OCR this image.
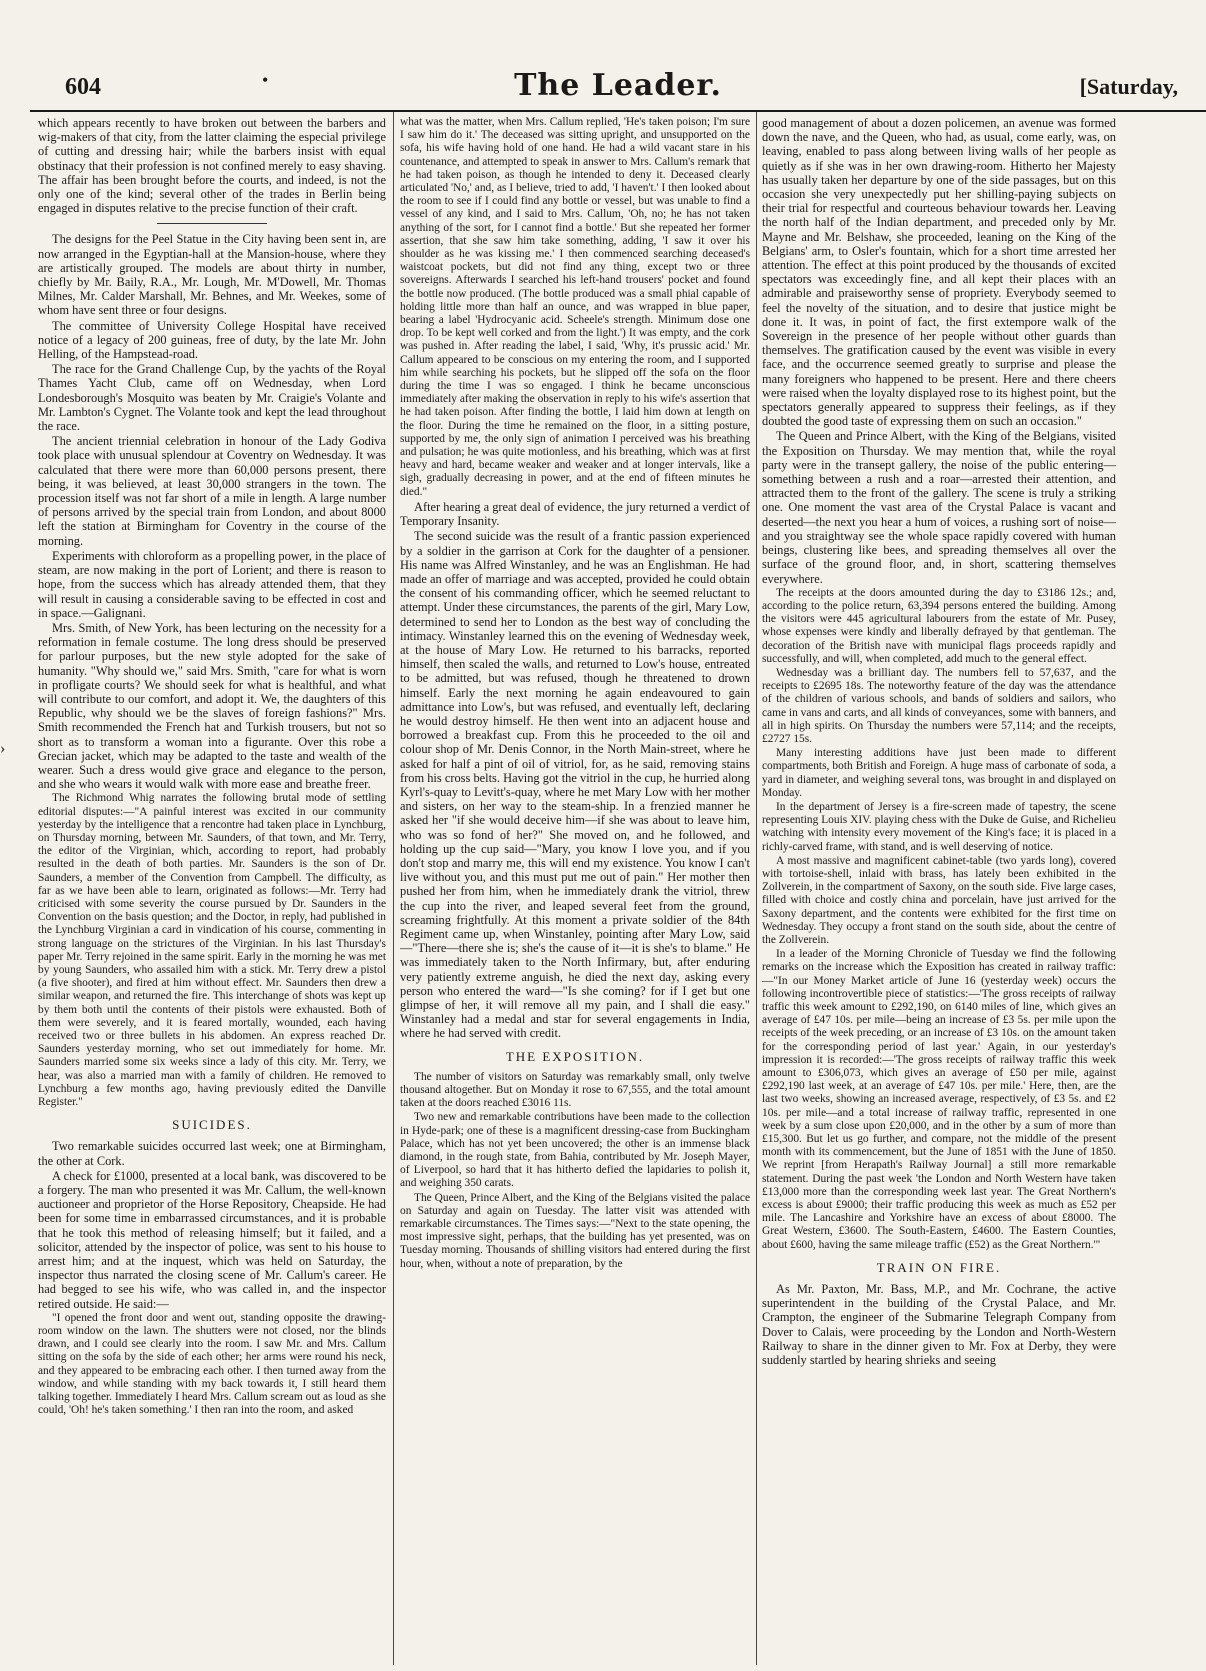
604	•	The Leader.	[Saturday,
›

which appears recently to have broken out between the barbers and wig-makers of that city, from the latter claiming the especial privilege of cutting and dressing hair; while the barbers insist with equal obstinacy that their profession is not confined merely to easy shaving. The affair has been brought before the courts, and indeed, is not the only one of the kind; several other of the trades in Berlin being engaged in disputes relative to the precise function of their craft.

The designs for the Peel Statue in the City having been sent in, are now arranged in the Egyptian-hall at the Mansion-house, where they are artistically grouped. The models are about thirty in number, chiefly by Mr. Baily, R.A., Mr. Lough, Mr. M'Dowell, Mr. Thomas Milnes, Mr. Calder Marshall, Mr. Behnes, and Mr. Weekes, some of whom have sent three or four designs.

The committee of University College Hospital have received notice of a legacy of 200 guineas, free of duty, by the late Mr. John Helling, of the Hampstead-road.

The race for the Grand Challenge Cup, by the yachts of the Royal Thames Yacht Club, came off on Wednesday, when Lord Londesborough's Mosquito was beaten by Mr. Craigie's Volante and Mr. Lambton's Cygnet. The Volante took and kept the lead throughout the race.

The ancient triennial celebration in honour of the Lady Godiva took place with unusual splendour at Coventry on Wednesday. It was calculated that there were more than 60,000 persons present, there being, it was believed, at least 30,000 strangers in the town. The procession itself was not far short of a mile in length. A large number of persons arrived by the special train from London, and about 8000 left the station at Birmingham for Coventry in the course of the morning.

Experiments with chloroform as a propelling power, in the place of steam, are now making in the port of Lorient; and there is reason to hope, from the success which has already attended them, that they will result in causing a considerable saving to be effected in cost and in space.—Galignani.

Mrs. Smith, of New York, has been lecturing on the necessity for a reformation in female costume. The long dress should be preserved for parlour purposes, but the new style adopted for the sake of humanity. "Why should we," said Mrs. Smith, "care for what is worn in profligate courts? We should seek for what is healthful, and what will contribute to our comfort, and adopt it. We, the daughters of this Republic, why should we be the slaves of foreign fashions?" Mrs. Smith recommended the French hat and Turkish trousers, but not so short as to transform a woman into a figurante. Over this robe a Grecian jacket, which may be adapted to the taste and wealth of the wearer. Such a dress would give grace and elegance to the person, and she who wears it would walk with more ease and breathe freer.

The Richmond Whig narrates the following brutal mode of settling editorial disputes:—"A painful interest was excited in our community yesterday by the intelligence that a rencontre had taken place in Lynchburg, on Thursday morning, between Mr. Saunders, of that town, and Mr. Terry, the editor of the Virginian, which, according to report, had probably resulted in the death of both parties. Mr. Saunders is the son of Dr. Saunders, a member of the Convention from Campbell. The difficulty, as far as we have been able to learn, originated as follows:—Mr. Terry had criticised with some severity the course pursued by Dr. Saunders in the Convention on the basis question; and the Doctor, in reply, had published in the Lynchburg Virginian a card in vindication of his course, commenting in strong language on the strictures of the Virginian. In his last Thursday's paper Mr. Terry rejoined in the same spirit. Early in the morning he was met by young Saunders, who assailed him with a stick. Mr. Terry drew a pistol (a five shooter), and fired at him without effect. Mr. Saunders then drew a similar weapon, and returned the fire. This interchange of shots was kept up by them both until the contents of their pistols were exhausted. Both of them were severely, and it is feared mortally, wounded, each having received two or three bullets in his abdomen. An express reached Dr. Saunders yesterday morning, who set out immediately for home. Mr. Saunders married some six weeks since a lady of this city. Mr. Terry, we hear, was also a married man with a family of children. He removed to Lynchburg a few months ago, having previously edited the Danville Register."

SUICIDES.

Two remarkable suicides occurred last week; one at Birmingham, the other at Cork.

A check for £1000, presented at a local bank, was discovered to be a forgery. The man who presented it was Mr. Callum, the well-known auctioneer and proprietor of the Horse Repository, Cheapside. He had been for some time in embarrassed circumstances, and it is probable that he took this method of releasing himself; but it failed, and a solicitor, attended by the inspector of police, was sent to his house to arrest him; and at the inquest, which was held on Saturday, the inspector thus narrated the closing scene of Mr. Callum's career. He had begged to see his wife, who was called in, and the inspector retired outside. He said:—

"I opened the front door and went out, standing opposite the drawing-room window on the lawn. The shutters were not closed, nor the blinds drawn, and I could see clearly into the room. I saw Mr. and Mrs. Callum sitting on the sofa by the side of each other; her arms were round his neck, and they appeared to be embracing each other. I then turned away from the window, and while standing with my back towards it, I still heard them talking together. Immediately I heard Mrs. Callum scream out as loud as she could, 'Oh! he's taken something.' I then ran into the room, and asked

what was the matter, when Mrs. Callum replied, 'He's taken poison; I'm sure I saw him do it.' The deceased was sitting upright, and unsupported on the sofa, his wife having hold of one hand. He had a wild vacant stare in his countenance, and attempted to speak in answer to Mrs. Callum's remark that he had taken poison, as though he intended to deny it. Deceased clearly articulated 'No,' and, as I believe, tried to add, 'I haven't.' I then looked about the room to see if I could find any bottle or vessel, but was unable to find a vessel of any kind, and I said to Mrs. Callum, 'Oh, no; he has not taken anything of the sort, for I cannot find a bottle.' But she repeated her former assertion, that she saw him take something, adding, 'I saw it over his shoulder as he was kissing me.' I then commenced searching deceased's waistcoat pockets, but did not find any thing, except two or three sovereigns. Afterwards I searched his left-hand trousers' pocket and found the bottle now produced. (The bottle produced was a small phial capable of holding little more than half an ounce, and was wrapped in blue paper, bearing a label 'Hydrocyanic acid. Scheele's strength. Minimum dose one drop. To be kept well corked and from the light.') It was empty, and the cork was pushed in. After reading the label, I said, 'Why, it's prussic acid.' Mr. Callum appeared to be conscious on my entering the room, and I supported him while searching his pockets, but he slipped off the sofa on the floor during the time I was so engaged. I think he became unconscious immediately after making the observation in reply to his wife's assertion that he had taken poison. After finding the bottle, I laid him down at length on the floor. During the time he remained on the floor, in a sitting posture, supported by me, the only sign of animation I perceived was his breathing and pulsation; he was quite motionless, and his breathing, which was at first heavy and hard, became weaker and weaker and at longer intervals, like a sigh, gradually decreasing in power, and at the end of fifteen minutes he died."

After hearing a great deal of evidence, the jury returned a verdict of Temporary Insanity.

The second suicide was the result of a frantic passion experienced by a soldier in the garrison at Cork for the daughter of a pensioner. His name was Alfred Winstanley, and he was an Englishman. He had made an offer of marriage and was accepted, provided he could obtain the consent of his commanding officer, which he seemed reluctant to attempt. Under these circumstances, the parents of the girl, Mary Low, determined to send her to London as the best way of concluding the intimacy. Winstanley learned this on the evening of Wednesday week, at the house of Mary Low. He returned to his barracks, reported himself, then scaled the walls, and returned to Low's house, entreated to be admitted, but was refused, though he threatened to drown himself. Early the next morning he again endeavoured to gain admittance into Low's, but was refused, and eventually left, declaring he would destroy himself. He then went into an adjacent house and borrowed a breakfast cup. From this he proceeded to the oil and colour shop of Mr. Denis Connor, in the North Main-street, where he asked for half a pint of oil of vitriol, for, as he said, removing stains from his cross belts. Having got the vitriol in the cup, he hurried along Kyrl's-quay to Levitt's-quay, where he met Mary Low with her mother and sisters, on her way to the steam-ship. In a frenzied manner he asked her "if she would deceive him—if she was about to leave him, who was so fond of her?" She moved on, and he followed, and holding up the cup said—"Mary, you know I love you, and if you don't stop and marry me, this will end my existence. You know I can't live without you, and this must put me out of pain." Her mother then pushed her from him, when he immediately drank the vitriol, threw the cup into the river, and leaped several feet from the ground, screaming frightfully. At this moment a private soldier of the 84th Regiment came up, when Winstanley, pointing after Mary Low, said—"There—there she is; she's the cause of it—it is she's to blame." He was immediately taken to the North Infirmary, but, after enduring very patiently extreme anguish, he died the next day, asking every person who entered the ward—"Is she coming? for if I get but one glimpse of her, it will remove all my pain, and I shall die easy." Winstanley had a medal and star for several engagements in India, where he had served with credit.

THE EXPOSITION.

The number of visitors on Saturday was remarkably small, only twelve thousand altogether. But on Monday it rose to 67,555, and the total amount taken at the doors reached £3016 11s.

Two new and remarkable contributions have been made to the collection in Hyde-park; one of these is a magnificent dressing-case from Buckingham Palace, which has not yet been uncovered; the other is an immense black diamond, in the rough state, from Bahia, contributed by Mr. Joseph Mayer, of Liverpool, so hard that it has hitherto defied the lapidaries to polish it, and weighing 350 carats.

The Queen, Prince Albert, and the King of the Belgians visited the palace on Saturday and again on Tuesday. The latter visit was attended with remarkable circumstances. The Times says:—"Next to the state opening, the most impressive sight, perhaps, that the building has yet presented, was on Tuesday morning. Thousands of shilling visitors had entered during the first hour, when, without a note of preparation, by the

good management of about a dozen policemen, an avenue was formed down the nave, and the Queen, who had, as usual, come early, was, on leaving, enabled to pass along between living walls of her people as quietly as if she was in her own drawing-room. Hitherto her Majesty has usually taken her departure by one of the side passages, but on this occasion she very unexpectedly put her shilling-paying subjects on their trial for respectful and courteous behaviour towards her. Leaving the north half of the Indian department, and preceded only by Mr. Mayne and Mr. Belshaw, she proceeded, leaning on the King of the Belgians' arm, to Osler's fountain, which for a short time arrested her attention. The effect at this point produced by the thousands of excited spectators was exceedingly fine, and all kept their places with an admirable and praiseworthy sense of propriety. Everybody seemed to feel the novelty of the situation, and to desire that justice might be done it. It was, in point of fact, the first extempore walk of the Sovereign in the presence of her people without other guards than themselves. The gratification caused by the event was visible in every face, and the occurrence seemed greatly to surprise and please the many foreigners who happened to be present. Here and there cheers were raised when the loyalty displayed rose to its highest point, but the spectators generally appeared to suppress their feelings, as if they doubted the good taste of expressing them on such an occasion."

The Queen and Prince Albert, with the King of the Belgians, visited the Exposition on Thursday. We may mention that, while the royal party were in the transept gallery, the noise of the public entering—something between a rush and a roar—arrested their attention, and attracted them to the front of the gallery. The scene is truly a striking one. One moment the vast area of the Crystal Palace is vacant and deserted—the next you hear a hum of voices, a rushing sort of noise—and you straightway see the whole space rapidly covered with human beings, clustering like bees, and spreading themselves all over the surface of the ground floor, and, in short, scattering themselves everywhere.

The receipts at the doors amounted during the day to £3186 12s.; and, according to the police return, 63,394 persons entered the building. Among the visitors were 445 agricultural labourers from the estate of Mr. Pusey, whose expenses were kindly and liberally defrayed by that gentleman. The decoration of the British nave with municipal flags proceeds rapidly and successfully, and will, when completed, add much to the general effect.

Wednesday was a brilliant day. The numbers fell to 57,637, and the receipts to £2695 18s. The noteworthy feature of the day was the attendance of the children of various schools, and bands of soldiers and sailors, who came in vans and carts, and all kinds of conveyances, some with banners, and all in high spirits. On Thursday the numbers were 57,114; and the receipts, £2727 15s.

Many interesting additions have just been made to different compartments, both British and Foreign. A huge mass of carbonate of soda, a yard in diameter, and weighing several tons, was brought in and displayed on Monday.

In the department of Jersey is a fire-screen made of tapestry, the scene representing Louis XIV. playing chess with the Duke de Guise, and Richelieu watching with intensity every movement of the King's face; it is placed in a richly-carved frame, with stand, and is well deserving of notice.

A most massive and magnificent cabinet-table (two yards long), covered with tortoise-shell, inlaid with brass, has lately been exhibited in the Zollverein, in the compartment of Saxony, on the south side. Five large cases, filled with choice and costly china and porcelain, have just arrived for the Saxony department, and the contents were exhibited for the first time on Wednesday. They occupy a front stand on the south side, about the centre of the Zollverein.

In a leader of the Morning Chronicle of Tuesday we find the following remarks on the increase which the Exposition has created in railway traffic:—"In our Money Market article of June 16 (yesterday week) occurs the following incontrovertible piece of statistics:—'The gross receipts of railway traffic this week amount to £292,190, on 6140 miles of line, which gives an average of £47 10s. per mile—being an increase of £3 5s. per mile upon the receipts of the week preceding, or an increase of £3 10s. on the amount taken for the corresponding period of last year.' Again, in our yesterday's impression it is recorded:—'The gross receipts of railway traffic this week amount to £306,073, which gives an average of £50 per mile, against £292,190 last week, at an average of £47 10s. per mile.' Here, then, are the last two weeks, showing an increased average, respectively, of £3 5s. and £2 10s. per mile—and a total increase of railway traffic, represented in one week by a sum close upon £20,000, and in the other by a sum of more than £15,300. But let us go further, and compare, not the middle of the present month with its commencement, but the June of 1851 with the June of 1850. We reprint [from Herapath's Railway Journal] a still more remarkable statement. During the past week 'the London and North Western have taken £13,000 more than the corresponding week last year. The Great Northern's excess is about £9000; their traffic producing this week as much as £52 per mile. The Lancashire and Yorkshire have an excess of about £8000. The Great Western, £3600. The South-Eastern, £4600. The Eastern Counties, about £600, having the same mileage traffic (£52) as the Great Northern.'"

TRAIN ON FIRE.

As Mr. Paxton, Mr. Bass, M.P., and Mr. Cochrane, the active superintendent in the building of the Crystal Palace, and Mr. Crampton, the engineer of the Submarine Telegraph Company from Dover to Calais, were proceeding by the London and North-Western Railway to share in the dinner given to Mr. Fox at Derby, they were suddenly startled by hearing shrieks and seeing
